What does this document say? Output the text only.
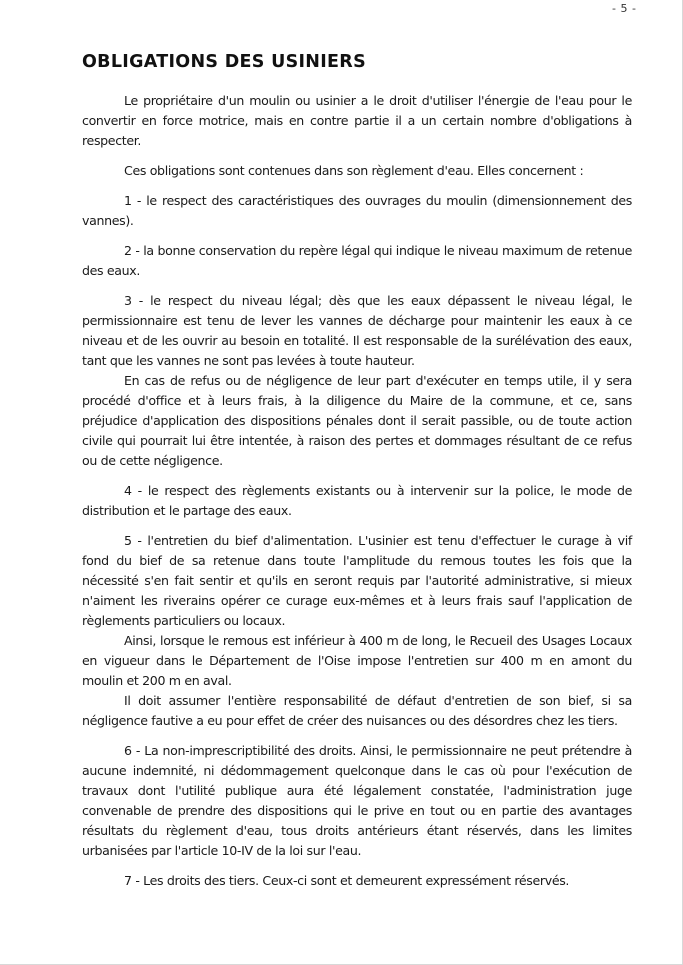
- 5 -
OBLIGATIONS DES USINIERS

Le propriétaire d'un moulin ou usinier a le droit d'utiliser l'énergie de l'eau pour le convertir en force motrice, mais en contre partie il a un certain nombre d'obligations à respecter.

Ces obligations sont contenues dans son règlement d'eau. Elles concernent :

1 - le respect des caractéristiques des ouvrages du moulin (dimensionnement des vannes).

2 - la bonne conservation du repère légal qui indique le niveau maximum de retenue des eaux.

3 - le respect du niveau légal; dès que les eaux dépassent le niveau légal, le permissionnaire est tenu de lever les vannes de décharge pour maintenir les eaux à ce niveau et de les ouvrir au besoin en totalité. Il est responsable de la surélévation des eaux, tant que les vannes ne sont pas levées à toute hauteur.

En cas de refus ou de négligence de leur part d'exécuter en temps utile, il y sera procédé d'office et à leurs frais, à la diligence du Maire de la commune, et ce, sans préjudice d'application des dispositions pénales dont il serait passible, ou de toute action civile qui pourrait lui être intentée, à raison des pertes et dommages résultant de ce refus ou de cette négligence.

4 - le respect des règlements existants ou à intervenir sur la police, le mode de distribution et le partage des eaux.

5 - l'entretien du bief d'alimentation. L'usinier est tenu d'effectuer le curage à vif fond du bief de sa retenue dans toute l'amplitude du remous toutes les fois que la nécessité s'en fait sentir et qu'ils en seront requis par l'autorité administrative, si mieux n'aiment les riverains opérer ce curage eux-mêmes et à leurs frais sauf l'application de règlements particuliers ou locaux.

Ainsi, lorsque le remous est inférieur à 400 m de long, le Recueil des Usages Locaux en vigueur dans le Département de l'Oise impose l'entretien sur 400 m en amont du moulin et 200 m en aval.

Il doit assumer l'entière responsabilité de défaut d'entretien de son bief, si sa négligence fautive a eu pour effet de créer des nuisances ou des désordres chez les tiers.

6 - La non-imprescriptibilité des droits. Ainsi, le permissionnaire ne peut prétendre à aucune indemnité, ni dédommagement quelconque dans le cas où pour l'exécution de travaux dont l'utilité publique aura été légalement constatée, l'administration juge convenable de prendre des dispositions qui le prive en tout ou en partie des avantages résultats du règlement d'eau, tous droits antérieurs étant réservés, dans les limites urbanisées par l'article 10-IV de la loi sur l'eau.

7 - Les droits des tiers. Ceux-ci sont et demeurent expressément réservés.
